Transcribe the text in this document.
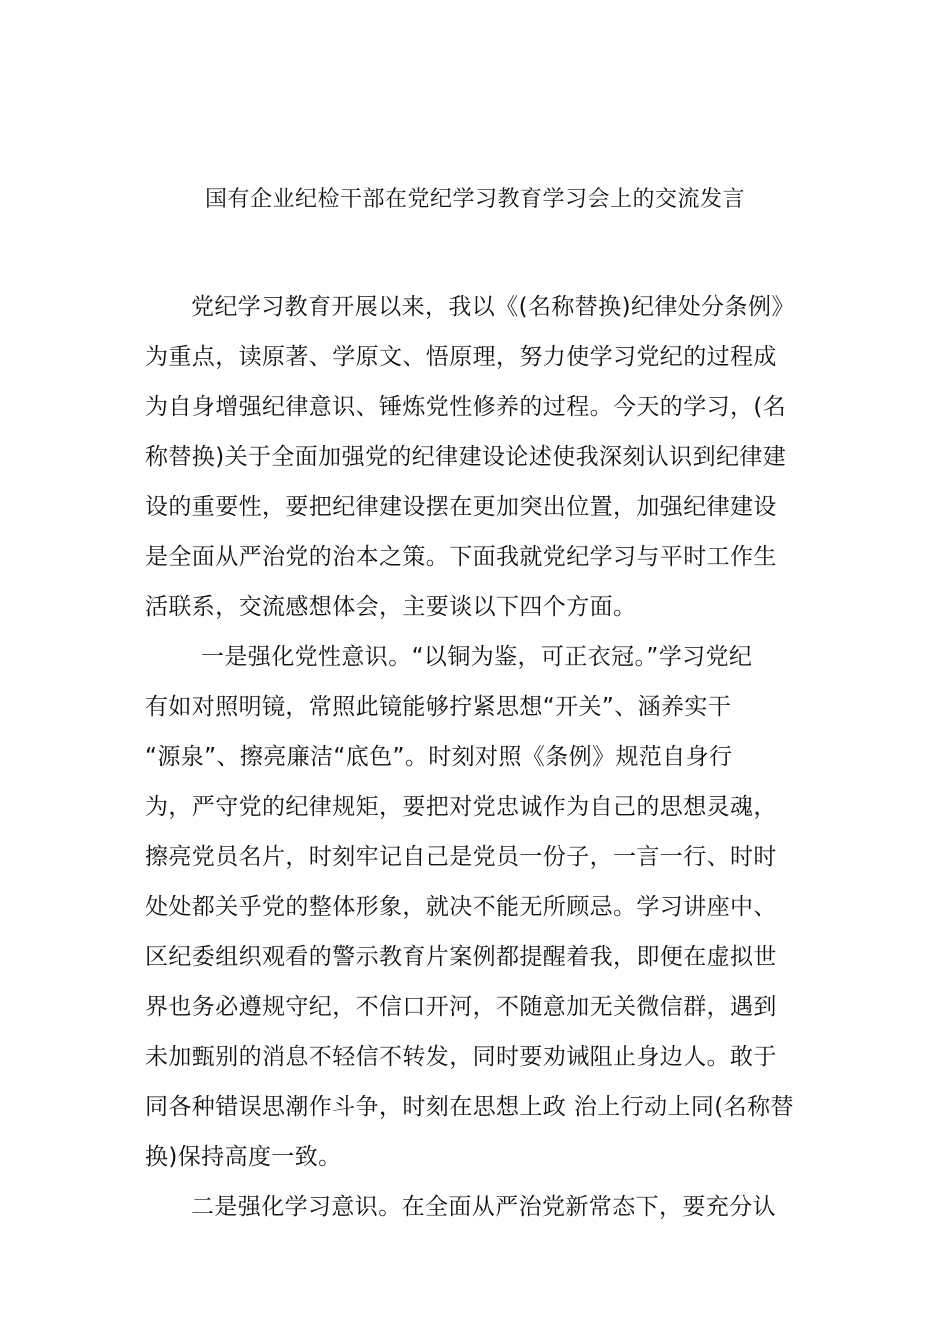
国有企业纪检干部在党纪学习教育学习会上的交流发言
党纪学习教育开展以来，我以《(名称替换)纪律处分条例》
为重点，读原著、学原文、悟原理，努力使学习党纪的过程成
为自身增强纪律意识、锤炼党性修养的过程。今天的学习，(名
称替换)关于全面加强党的纪律建设论述使我深刻认识到纪律建
设的重要性，要把纪律建设摆在更加突出位置，加强纪律建设
是全面从严治党的治本之策。下面我就党纪学习与平时工作生
活联系，交流感想体会，主要谈以下四个方面。
一是强化党性意识。“以铜为鉴，可正衣冠。”学习党纪
有如对照明镜，常照此镜能够拧紧思想“开关”、涵养实干
“源泉”、擦亮廉洁“底色”。时刻对照《条例》规范自身行
为，严守党的纪律规矩，要把对党忠诚作为自己的思想灵魂，
擦亮党员名片，时刻牢记自己是党员一份子，一言一行、时时
处处都关乎党的整体形象，就决不能无所顾忌。学习讲座中、
区纪委组织观看的警示教育片案例都提醒着我，即便在虚拟世
界也务必遵规守纪，不信口开河，不随意加无关微信群，遇到
未加甄别的消息不轻信不转发，同时要劝诫阻止身边人。敢于
同各种错误思潮作斗争，时刻在思想上政 治上行动上同(名称替
换)保持高度一致。
二是强化学习意识。在全面从严治党新常态下，要充分认
